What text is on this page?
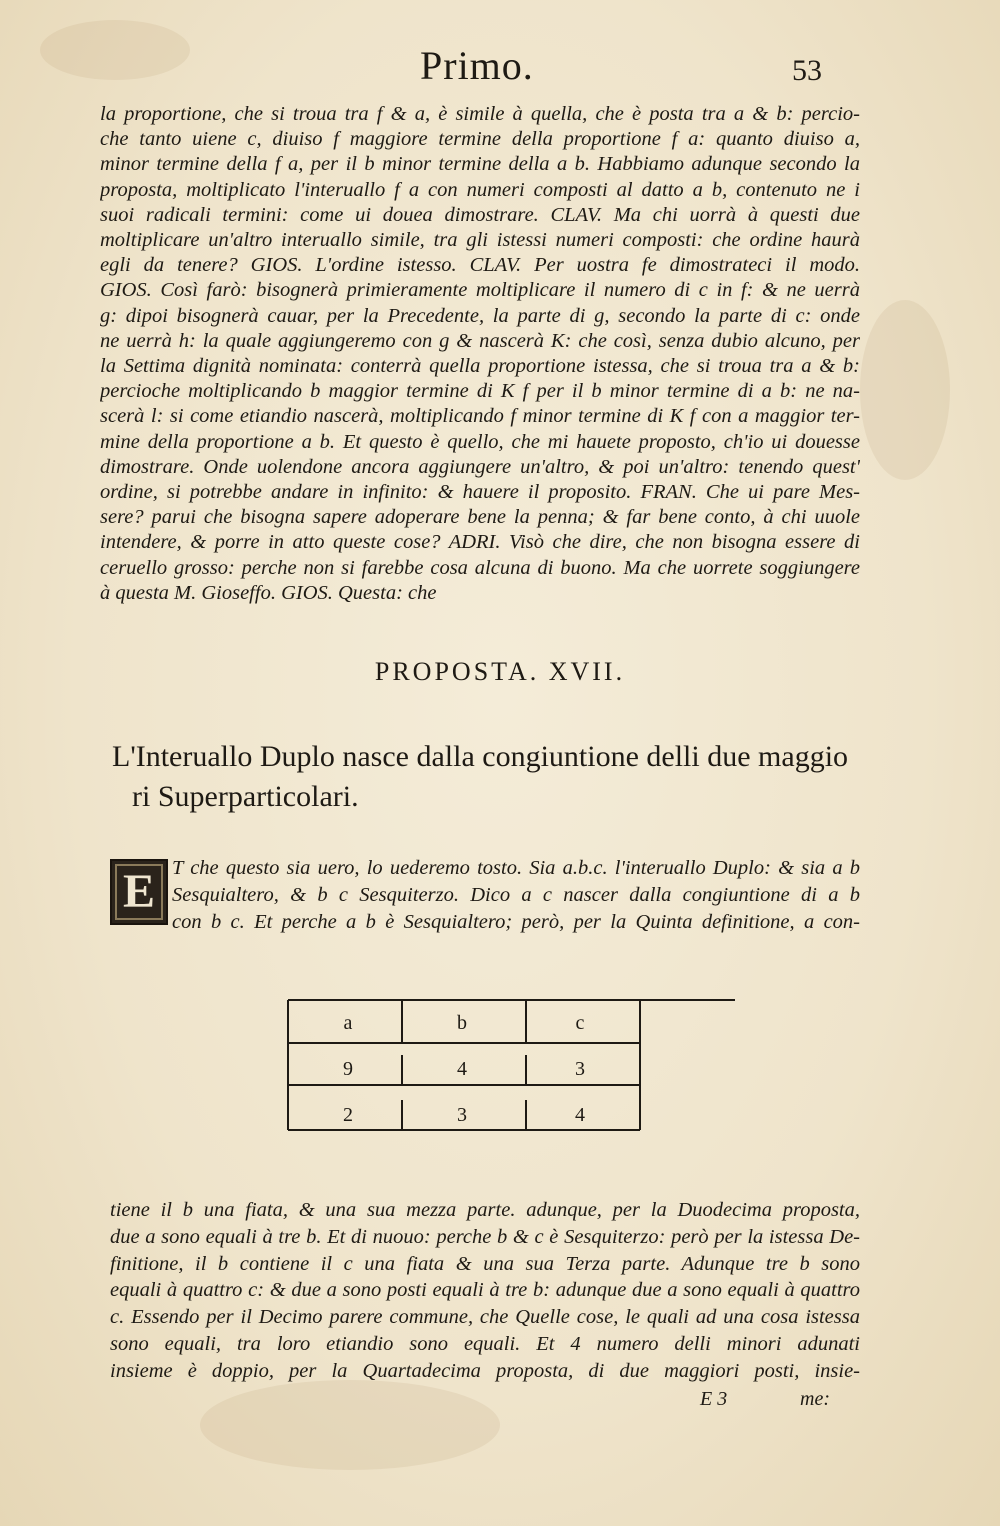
Primo.	53
la proportione, che si troua tra f & a, è simile à quella, che è posta tra a & b: percio-
che tanto uiene c, diuiso f maggiore termine della proportione f a: quanto diuiso a,
minor termine della f a, per il b minor termine della a b. Habbiamo adunque secondo la
proposta, moltiplicato l'interuallo f a con numeri composti al datto a b, contenuto ne i
suoi radicali termini: come ui douea dimostrare. CLAV. Ma chi uorrà à questi due
moltiplicare un'altro interuallo simile, tra gli istessi numeri composti: che ordine haurà
egli da tenere? GIOS. L'ordine istesso. CLAV. Per uostra fe dimostrateci il modo.
GIOS. Così farò: bisognerà primieramente moltiplicare il numero di c in f: & ne uerrà
g: dipoi bisognerà cauar, per la Precedente, la parte di g, secondo la parte di c: onde
ne uerrà h: la quale aggiungeremo con g & nascerà K: che così, senza dubio alcuno, per
la Settima dignità nominata: conterrà quella proportione istessa, che si troua tra a & b:
percioche moltiplicando b maggior termine di K f per il b minor termine di a b: ne na-
scerà l: si come etiandio nascerà, moltiplicando f minor termine di K f con a maggior ter-
mine della proportione a b. Et questo è quello, che mi hauete proposto, ch'io ui douesse
dimostrare. Onde uolendone ancora aggiungere un'altro, & poi un'altro: tenendo quest'
ordine, si potrebbe andare in infinito: & hauere il proposito. FRAN. Che ui pare Mes-
sere? parui che bisogna sapere adoperare bene la penna; & far bene conto, à chi uuole
intendere, & porre in atto queste cose? ADRI. Visò che dire, che non bisogna essere di
ceruello grosso: perche non si farebbe cosa alcuna di buono. Ma che uorrete soggiungere
à questa M. Gioseffo. GIOS. Questa: che
PROPOSTA. XVII.
L'Interuallo Duplo nasce dalla congiuntione delli due maggio
ri Superparticolari.
E T che questo sia uero, lo uederemo tosto. Sia a.b.c. l'interuallo Duplo: & sia a b
Sesquialtero, & b c Sesquiterzo. Dico a c nascer dalla congiuntione di a b
con b c. Et perche a b è Sesquialtero; però, per la Quinta definitione, a con-
a	b	c
9	4	3
2	3	4
tiene il b una fiata, & una sua mezza parte. adunque, per la Duodecima proposta,
due a sono equali à tre b. Et di nuouo: perche b & c è Sesquiterzo: però per la istessa De-
finitione, il b contiene il c una fiata & una sua Terza parte. Adunque tre b sono
equali à quattro c: & due a sono posti equali à tre b: adunque due a sono equali à quattro
c. Essendo per il Decimo parere commune, che Quelle cose, le quali ad una cosa istessa
sono equali, tra loro etiandio sono equali. Et 4 numero delli minori adunati
insieme è doppio, per la Quartadecima proposta, di due maggiori posti, insie-
E 3	me:
